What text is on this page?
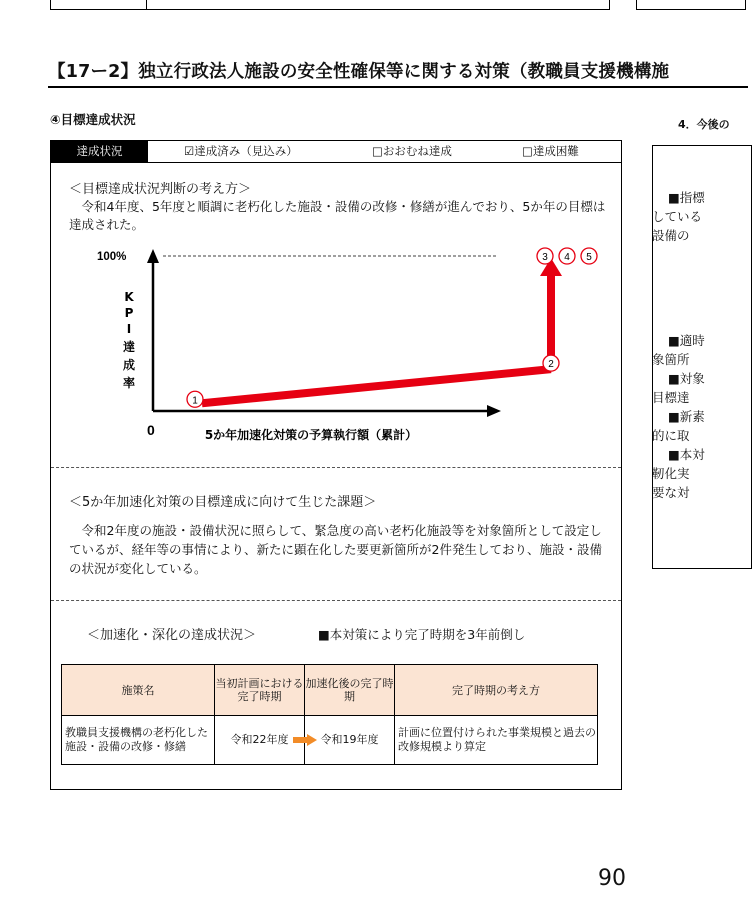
【17ー2】独立行政法人施設の安全性確保等に関する対策（教職員支援機構施
④目標達成状況	4．今後の
達成状況	☑達成済み（見込み）	□おおむね達成	□達成困難
＜目標達成状況判断の考え方＞
令和4年度、5年度と順調に老朽化した施設・設備の改修・修繕が進んでおり、5か年の目標は達成された。
100%
0	5か年加速化対策の予算執行額（累計）
K
P
I
達
成
率
1
2
3 4 5
＜5か年加速化対策の目標達成に向けて生じた課題＞
令和2年度の施設・設備状況に照らして、緊急度の高い老朽化施設等を対象箇所として設定しているが、経年等の事情により、新たに顕在化した要更新箇所が2件発生しており、施設・設備の状況が変化している。
＜加速化・深化の達成状況＞	■本対策により完了時期を3年前倒し
施策名	当初計画における完了時期	加速化後の完了時期	完了時期の考え方
教職員支援機構の老朽化した施設・設備の改修・修繕	令和22年度	令和19年度	計画に位置付けられた事業規模と過去の改修規模より算定
■指標
している
設備の
■適時
象箇所
■対象
目標達
■新素
的に取
■本対
靭化実
要な対
90
